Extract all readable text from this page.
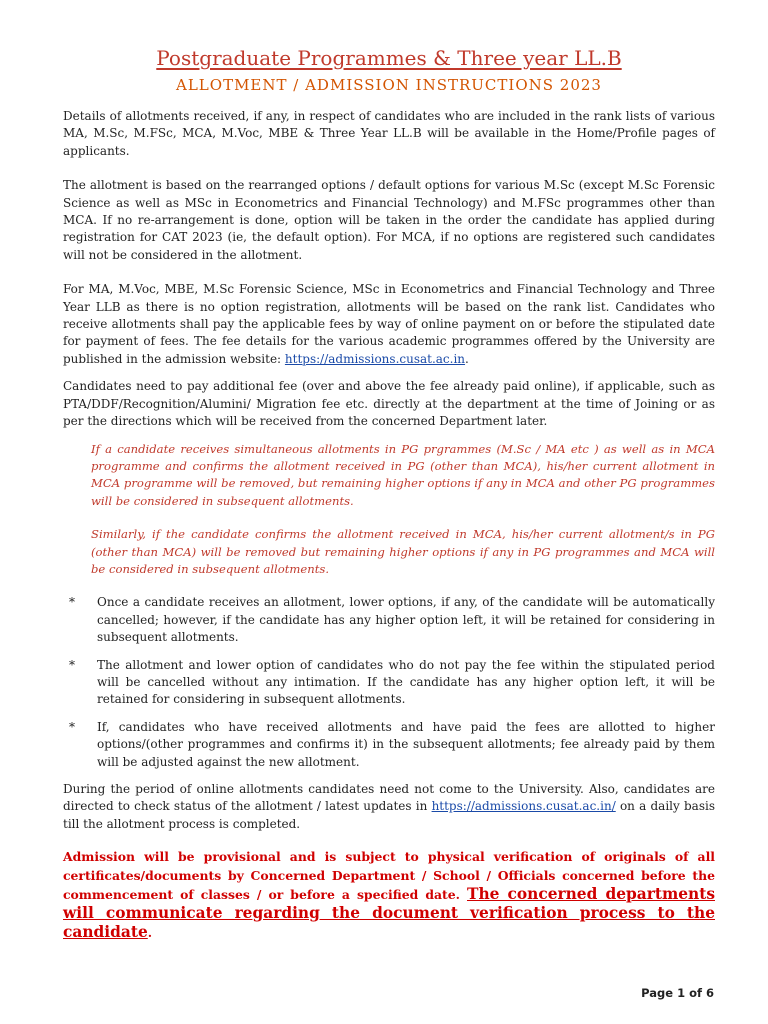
Postgraduate Programmes & Three year LL.B
ALLOTMENT / ADMISSION INSTRUCTIONS 2023

Details of allotments received, if any, in respect of candidates who are included in the rank lists of various MA, M.Sc, M.FSc, MCA, M.Voc, MBE & Three Year LL.B will be available in the Home/Profile pages of applicants.

The allotment is based on the rearranged options / default options for various M.Sc (except M.Sc Forensic Science as well as MSc in Econometrics and Financial Technology) and M.FSc programmes other than MCA. If no re-arrangement is done, option will be taken in the order the candidate has applied during registration for CAT 2023 (ie, the default option). For MCA, if no options are registered such candidates will not be considered in the allotment.

For MA, M.Voc, MBE, M.Sc Forensic Science, MSc in Econometrics and Financial Technology and Three Year LLB as there is no option registration, allotments will be based on the rank list. Candidates who receive allotments shall pay the applicable fees by way of online payment on or before the stipulated date for payment of fees. The fee details for the various academic programmes offered by the University are published in the admission website: https://admissions.cusat.ac.in.

Candidates need to pay additional fee (over and above the fee already paid online), if applicable, such as PTA/DDF/Recognition/Alumini/ Migration fee etc. directly at the department at the time of Joining or as per the directions which will be received from the concerned Department later.

If a candidate receives simultaneous allotments in PG prgrammes (M.Sc / MA etc ) as well as in MCA programme and confirms the allotment received in PG (other than MCA), his/her current allotment in MCA programme will be removed, but remaining higher options if any in MCA and other PG programmes will be considered in subsequent allotments.

Similarly, if the candidate confirms the allotment received in MCA, his/her current allotment/s in PG (other than MCA) will be removed but remaining higher options if any in PG programmes and MCA will be considered in subsequent allotments.

*	Once a candidate receives an allotment, lower options, if any, of the candidate will be automatically cancelled; however, if the candidate has any higher option left, it will be retained for considering in subsequent allotments.
*	The allotment and lower option of candidates who do not pay the fee within the stipulated period will be cancelled without any intimation. If the candidate has any higher option left, it will be retained for considering in subsequent allotments.
*	If, candidates who have received allotments and have paid the fees are allotted to higher options/(other programmes and confirms it) in the subsequent allotments; fee already paid by them will be adjusted against the new allotment.

During the period of online allotments candidates need not come to the University. Also, candidates are directed to check status of the allotment / latest updates in https://admissions.cusat.ac.in/ on a daily basis till the allotment process is completed.

Admission will be provisional and is subject to physical verification of originals of all certificates/documents by Concerned Department / School / Officials concerned before the commencement of classes / or before a specified date. The concerned departments will communicate regarding the document verification process to the candidate.

Page 1 of 6
